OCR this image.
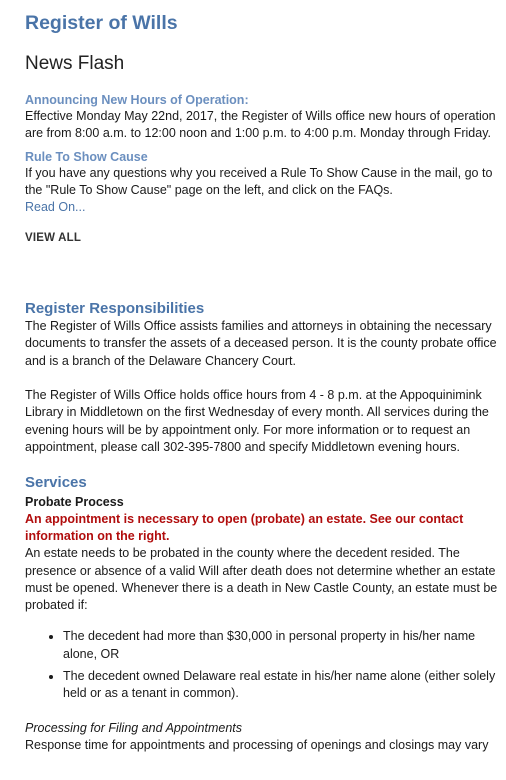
Register of Wills
News Flash
Announcing New Hours of Operation:

Effective Monday May 22nd, 2017, the Register of Wills office new hours of operation are from 8:00 a.m. to 12:00 noon and 1:00 p.m. to 4:00 p.m. Monday through Friday.

Rule To Show Cause

If you have any questions why you received a Rule To Show Cause in the mail, go to the "Rule To Show Cause" page on the left, and click on the FAQs.

Read On...
VIEW ALL
Register Responsibilities

The Register of Wills Office assists families and attorneys in obtaining the necessary documents to transfer the assets of a deceased person. It is the county probate office and is a branch of the Delaware Chancery Court.

The Register of Wills Office holds office hours from 4 - 8 p.m. at the Appoquinimink Library in Middletown on the first Wednesday of every month. All services during the evening hours will be by appointment only. For more information or to request an appointment, please call 302-395-7800 and specify Middletown evening hours.

Services
Probate Process

An appointment is necessary to open (probate) an estate. See our contact information on the right.

An estate needs to be probated in the county where the decedent resided. The presence or absence of a valid Will after death does not determine whether an estate must be opened. Whenever there is a death in New Castle County, an estate must be probated if:

• The decedent had more than $30,000 in personal property in his/her name alone, OR
• The decedent owned Delaware real estate in his/her name alone (either solely held or as a tenant in common).
Processing for Filing and Appointments

Response time for appointments and processing of openings and closings may vary
